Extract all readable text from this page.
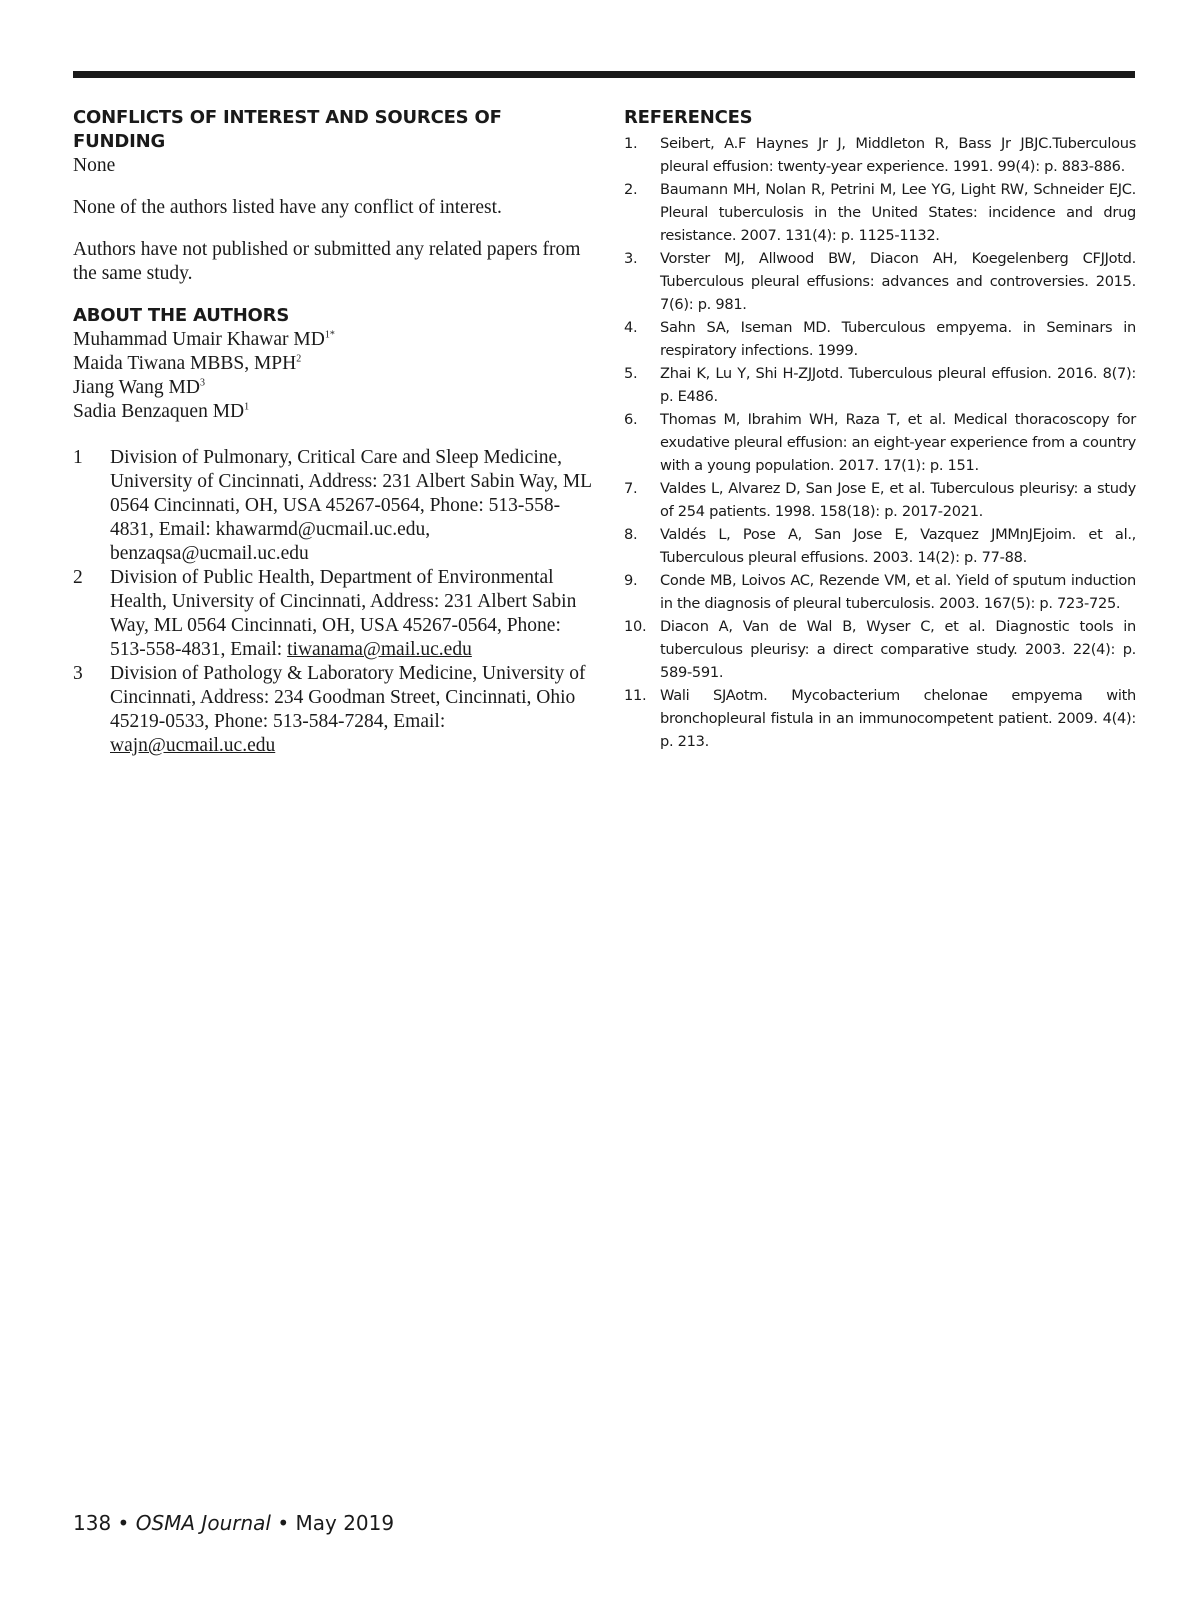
CONFLICTS OF INTEREST AND SOURCES OF FUNDING

None

None of the authors listed have any conflict of interest.

Authors have not published or submitted any related papers from the same study.

ABOUT THE AUTHORS
Muhammad Umair Khawar $MD^{1*}$
Maida Tiwana MBBS, MPH$^2$
Jiang Wang $MD^3$
Sadia Benzaquen $MD^1$
1	Division of Pulmonary, Critical Care and Sleep Medicine, University of Cincinnati, Address: 231 Albert Sabin Way, ML 0564 Cincinnati, OH, USA 45267-0564, Phone: 513-558-4831, Email: khawarmd@ucmail.uc.edu, benzaqsa@ucmail.uc.edu
2	Division of Public Health, Department of Environmental Health, University of Cincinnati, Address: 231 Albert Sabin Way, ML 0564 Cincinnati, OH, USA 45267-0564, Phone: 513-558-4831, Email: tiwanama@mail.uc.edu
3	Division of Pathology & Laboratory Medicine, University of Cincinnati, Address: 234 Goodman Street, Cincinnati, Ohio 45219-0533, Phone: 513-584-7284, Email: wajn@ucmail.uc.edu
REFERENCES
1.	Seibert, A.F Haynes Jr J, Middleton R, Bass Jr JBJC.Tuberculous pleural effusion: twenty-year experience. 1991. 99(4): p. 883-886.
2.	Baumann MH, Nolan R, Petrini M, Lee YG, Light RW, Schneider EJC. Pleural tuberculosis in the United States: incidence and drug resistance. 2007. 131(4): p. 1125-1132.
3.	Vorster MJ, Allwood BW, Diacon AH, Koegelenberg CFJJotd. Tuberculous pleural effusions: advances and controversies. 2015. 7(6): p. 981.
4.	Sahn SA, Iseman MD. Tuberculous empyema. in Seminars in respiratory infections. 1999.
5.	Zhai K, Lu Y, Shi H-ZJJotd. Tuberculous pleural effusion. 2016. 8(7): p. E486.
6.	Thomas M, Ibrahim WH, Raza T, et al. Medical thoracoscopy for exudative pleural effusion: an eight-year experience from a country with a young population. 2017. 17(1): p. 151.
7.	Valdes L, Alvarez D, San Jose E, et al. Tuberculous pleurisy: a study of 254 patients. 1998. 158(18): p. 2017-2021.
8.	Valdés L, Pose A, San Jose E, Vazquez JMMnJEjoim. et al., Tuberculous pleural effusions. 2003. 14(2): p. 77-88.
9.	Conde MB, Loivos AC, Rezende VM, et al. Yield of sputum induction in the diagnosis of pleural tuberculosis. 2003. 167(5): p. 723-725.
10. Diacon A, Van de Wal B, Wyser C, et al. Diagnostic tools in tuberculous pleurisy: a direct comparative study. 2003. 22(4): p. 589-591.
11. Wali SJAotm. Mycobacterium chelonae empyema with bronchopleural fistula in an immunocompetent patient. 2009. 4(4): p. 213.
138 • OSMA Journal • May 2019
